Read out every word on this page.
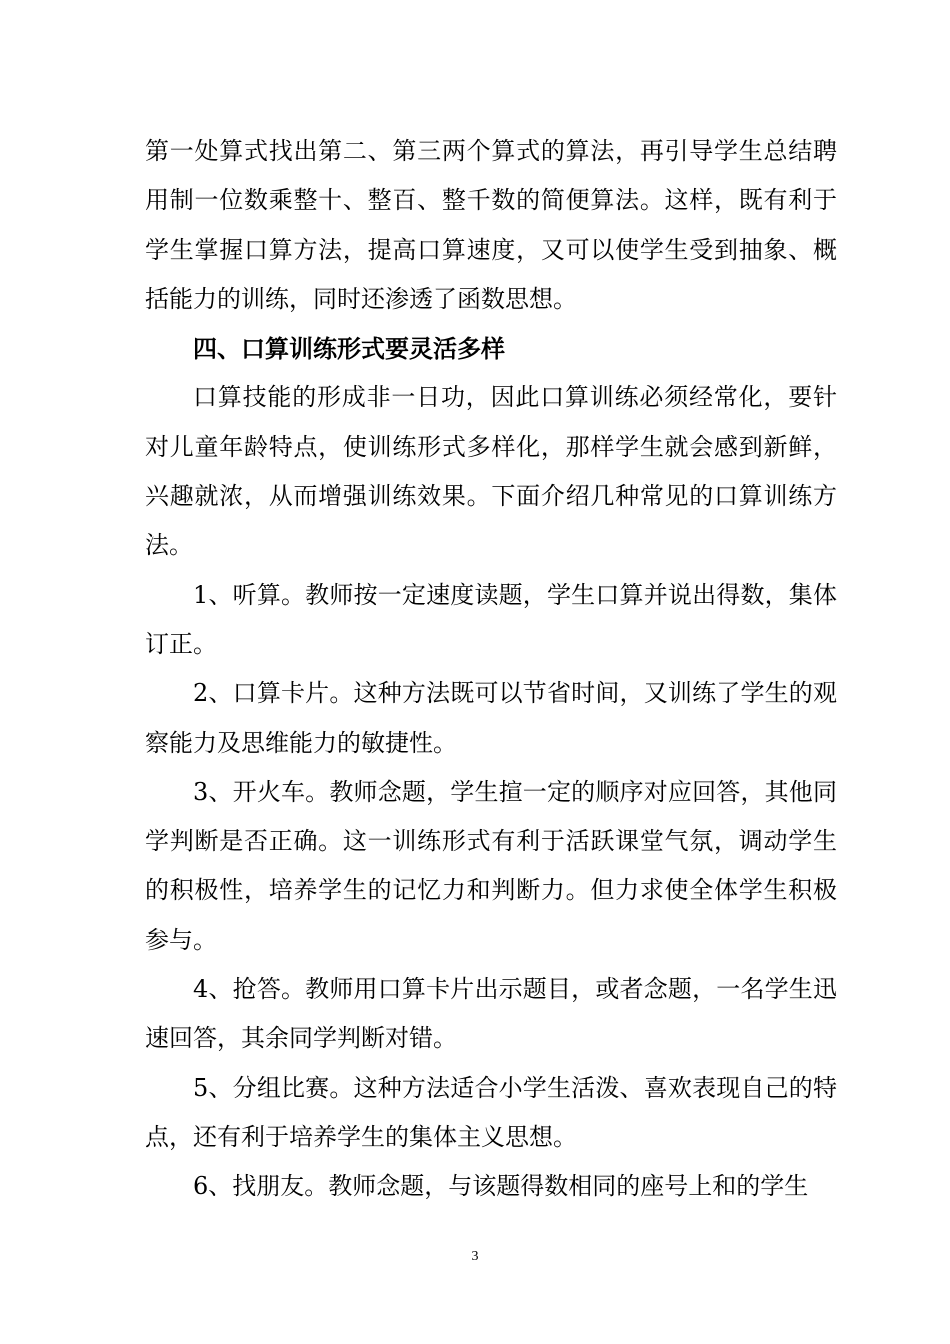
第一处算式找出第二、第三两个算式的算法，再引导学生总结聘用制一位数乘整十、整百、整千数的简便算法。这样，既有利于学生掌握口算方法，提高口算速度，又可以使学生受到抽象、概括能力的训练，同时还渗透了函数思想。

四、口算训练形式要灵活多样

口算技能的形成非一日功，因此口算训练必须经常化，要针对儿童年龄特点，使训练形式多样化，那样学生就会感到新鲜，兴趣就浓，从而增强训练效果。下面介绍几种常见的口算训练方法。

1、听算。教师按一定速度读题，学生口算并说出得数，集体订正。

2、口算卡片。这种方法既可以节省时间，又训练了学生的观察能力及思维能力的敏捷性。

3、开火车。教师念题，学生揎一定的顺序对应回答，其他同学判断是否正确。这一训练形式有利于活跃课堂气氛，调动学生的积极性，培养学生的记忆力和判断力。但力求使全体学生积极参与。

4、抢答。教师用口算卡片出示题目，或者念题，一名学生迅速回答，其余同学判断对错。

5、分组比赛。这种方法适合小学生活泼、喜欢表现自己的特点，还有利于培养学生的集体主义思想。

6、找朋友。教师念题，与该题得数相同的座号上和的学生

3
